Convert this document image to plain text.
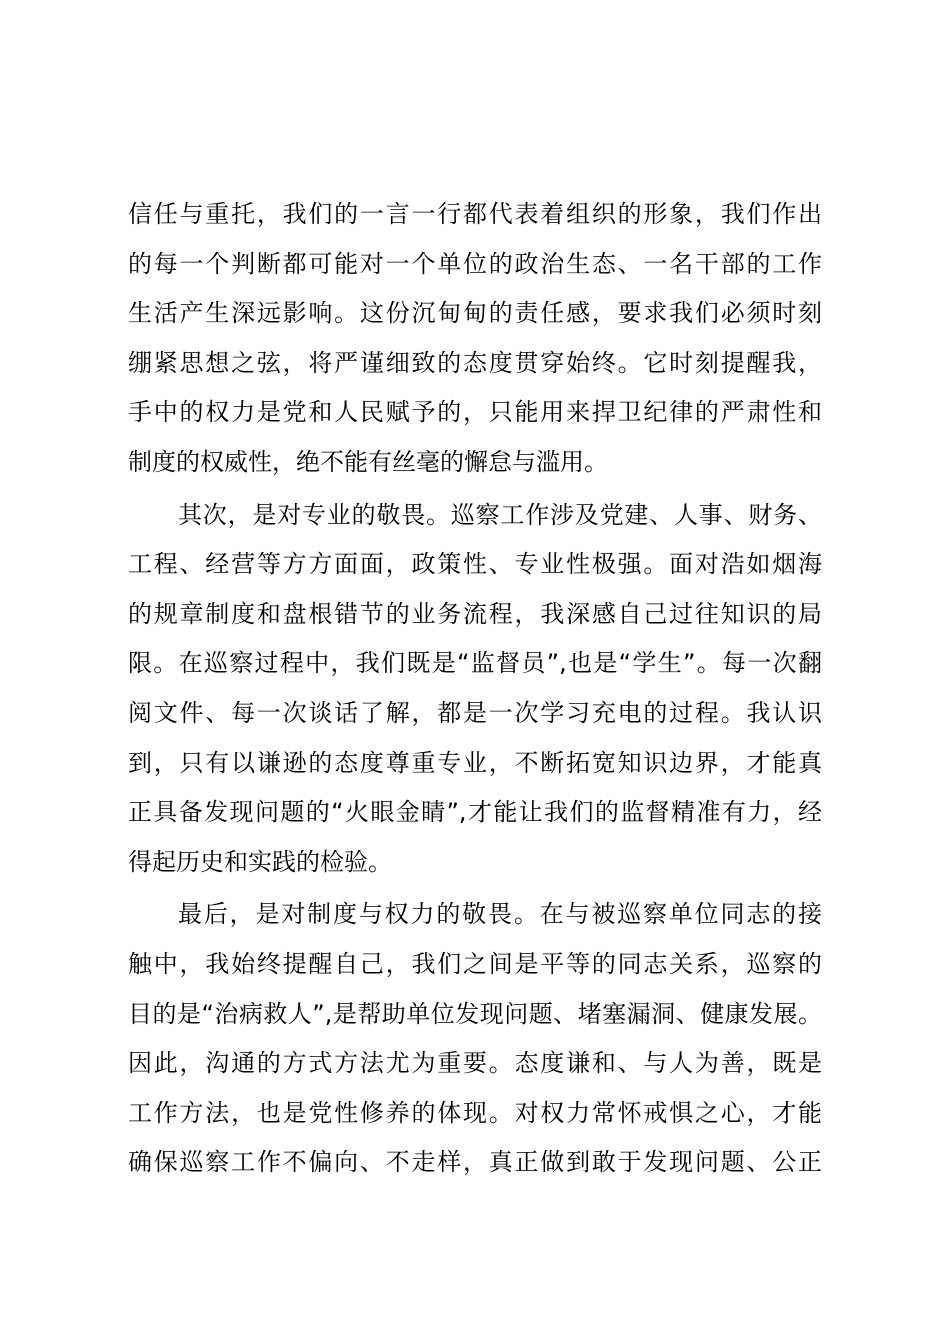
信任与重托，我们的一言一行都代表着组织的形象，我们作出
的每一个判断都可能对一个单位的政治生态、一名干部的工作
生活产生深远影响。这份沉甸甸的责任感，要求我们必须时刻
绷紧思想之弦，将严谨细致的态度贯穿始终。它时刻提醒我，
手中的权力是党和人民赋予的，只能用来捍卫纪律的严肃性和
制度的权威性，绝不能有丝毫的懈怠与滥用。
其次，是对专业的敬畏。巡察工作涉及党建、人事、财务、
工程、经营等方方面面，政策性、专业性极强。面对浩如烟海
的规章制度和盘根错节的业务流程，我深感自己过往知识的局
限。在巡察过程中，我们既是“监督员”,也是“学生”。每一次翻
阅文件、每一次谈话了解，都是一次学习充电的过程。我认识
到，只有以谦逊的态度尊重专业，不断拓宽知识边界，才能真
正具备发现问题的“火眼金睛”,才能让我们的监督精准有力，经
得起历史和实践的检验。
最后，是对制度与权力的敬畏。在与被巡察单位同志的接
触中，我始终提醒自己，我们之间是平等的同志关系，巡察的
目的是“治病救人”,是帮助单位发现问题、堵塞漏洞、健康发展。
因此，沟通的方式方法尤为重要。态度谦和、与人为善，既是
工作方法，也是党性修养的体现。对权力常怀戒惧之心，才能
确保巡察工作不偏向、不走样，真正做到敢于发现问题、公正
